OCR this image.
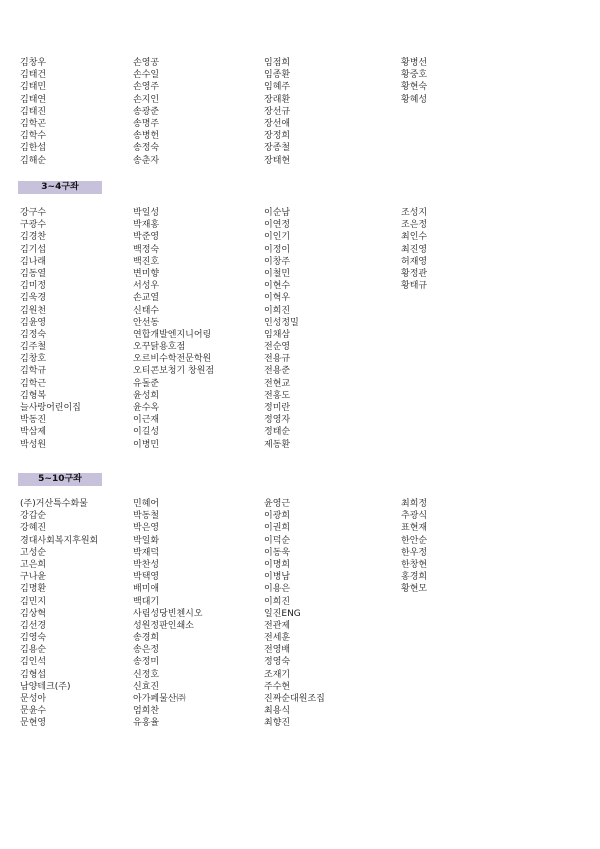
김창우
김태건
김태민
김태연
김태진
김학곤
김학수
김한섭
김해순
손영공
손수일
손영주
손지인
송광준
송명주
송병헌
송정숙
송춘자
임점희
임종환
임혜주
장래환
장선규
장선애
장정희
장종철
장태현
황병선
황중호
황현숙
황혜성
3~4구좌
강구수
구광수
김경찬
김기섭
김나래
김동열
김미정
김욱경
김원천
김윤영
김정숙
김주철
김창호
김학규
김학근
김형복
늘사랑어린이집
박동진
박삼제
박성원
박일성
박재홍
박준영
백정숙
백진호
변미향
서성우
손교열
신태수
안선동
연합개발엔지니어링
오꾸닭용호점
오르비수학전문학원
오티콘보청기 창원점
유돌준
윤성희
윤수옥
이근재
이길성
이병민
이순남
이연정
이인기
이정이
이창주
이철민
이현수
이혁우
이희진
인성정밀
임채삼
전순영
전용규
전용준
전현교
전홍도
정미란
정영자
정태순
제동환
조성지
조은정
최인수
최진영
허재영
황정관
황태규
5~10구좌
(주)거산특수화물
강갑순
강혜진
경대사회복지후원회
고성순
고은희
구나윤
김명환
김민지
김상혁
김선경
김영숙
김용순
김인석
김형섭
남양테크(주)
문성아
문윤수
문현영
민혜어
박동철
박은영
박일화
박재덕
박찬성
박택영
배미애
백대기
사림성당빈첸시오
성원정판인쇄소
송경희
송은정
송정미
신정호
신효진
아가페물산㈜
엄희찬
유홍율
윤영근
이광희
이권희
이덕순
이동욱
이명희
이병남
이용은
이희진
일진ENG
전관제
전세훈
전영배
정영숙
조재기
주수현
진짜순대원조집
최용식
최향진
최희정
추광식
표현재
한안순
한우정
한창현
홍경희
황현모
